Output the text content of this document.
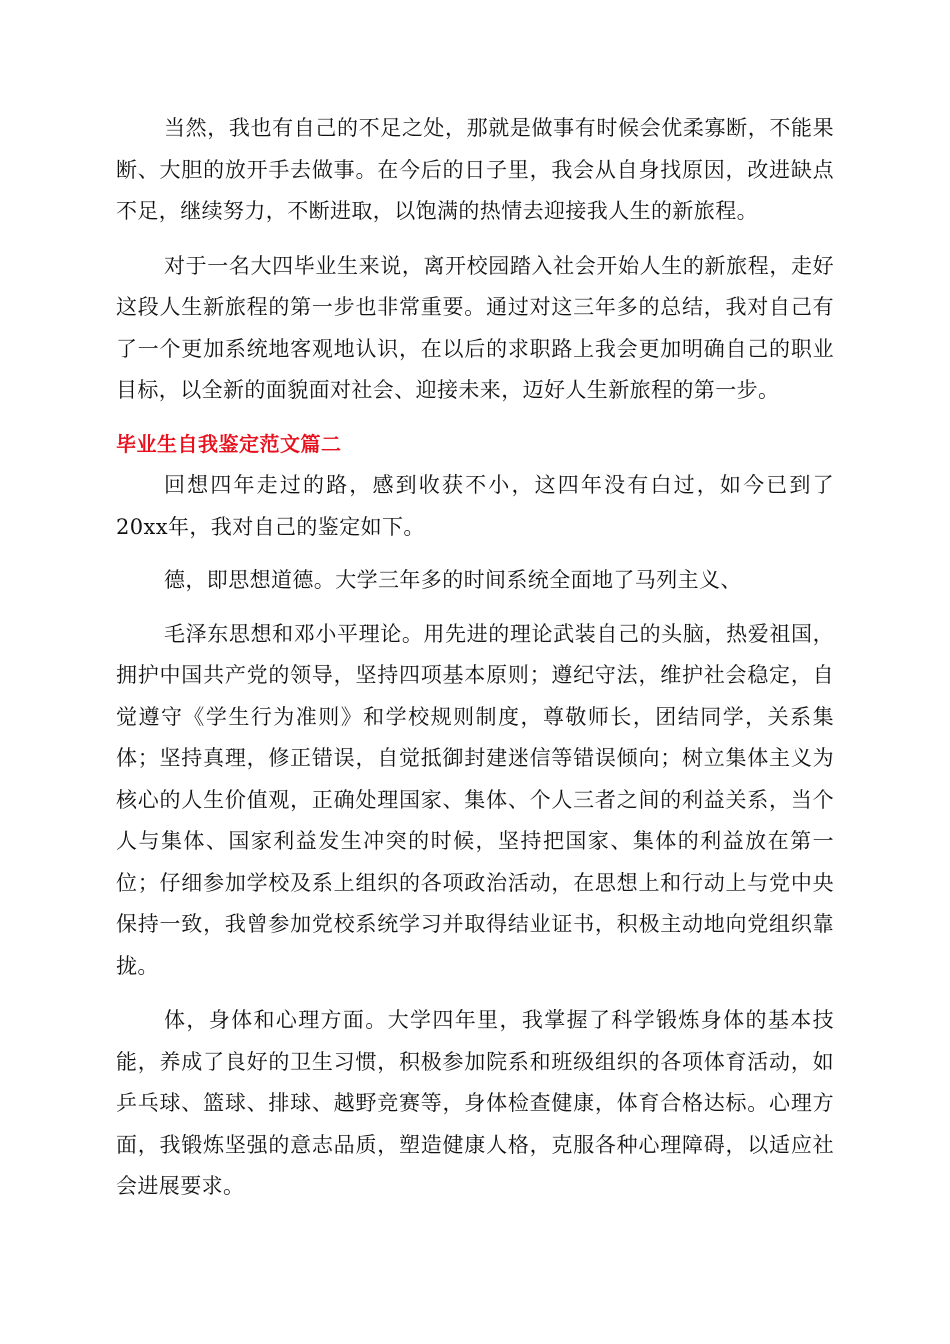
当然，我也有自己的不足之处，那就是做事有时候会优柔寡断，不能果断、大胆的放开手去做事。在今后的日子里，我会从自身找原因，改进缺点不足，继续努力，不断进取，以饱满的热情去迎接我人生的新旅程。

对于一名大四毕业生来说，离开校园踏入社会开始人生的新旅程，走好这段人生新旅程的第一步也非常重要。通过对这三年多的总结，我对自己有了一个更加系统地客观地认识，在以后的求职路上我会更加明确自己的职业目标，以全新的面貌面对社会、迎接未来，迈好人生新旅程的第一步。

毕业生自我鉴定范文篇二

回想四年走过的路，感到收获不小，这四年没有白过，如今已到了20xx年，我对自己的鉴定如下。

德，即思想道德。大学三年多的时间系统全面地了马列主义、

毛泽东思想和邓小平理论。用先进的理论武装自己的头脑，热爱祖国，拥护中国共产党的领导，坚持四项基本原则；遵纪守法，维护社会稳定，自觉遵守《学生行为准则》和学校规则制度，尊敬师长，团结同学，关系集体；坚持真理，修正错误，自觉抵御封建迷信等错误倾向；树立集体主义为核心的人生价值观，正确处理国家、集体、个人三者之间的利益关系，当个人与集体、国家利益发生冲突的时候，坚持把国家、集体的利益放在第一位；仔细参加学校及系上组织的各项政治活动，在思想上和行动上与党中央保持一致，我曾参加党校系统学习并取得结业证书，积极主动地向党组织靠拢。

体，身体和心理方面。大学四年里，我掌握了科学锻炼身体的基本技能，养成了良好的卫生习惯，积极参加院系和班级组织的各项体育活动，如乒乓球、篮球、排球、越野竞赛等，身体检查健康，体育合格达标。心理方面，我锻炼坚强的意志品质，塑造健康人格，克服各种心理障碍，以适应社会进展要求。
